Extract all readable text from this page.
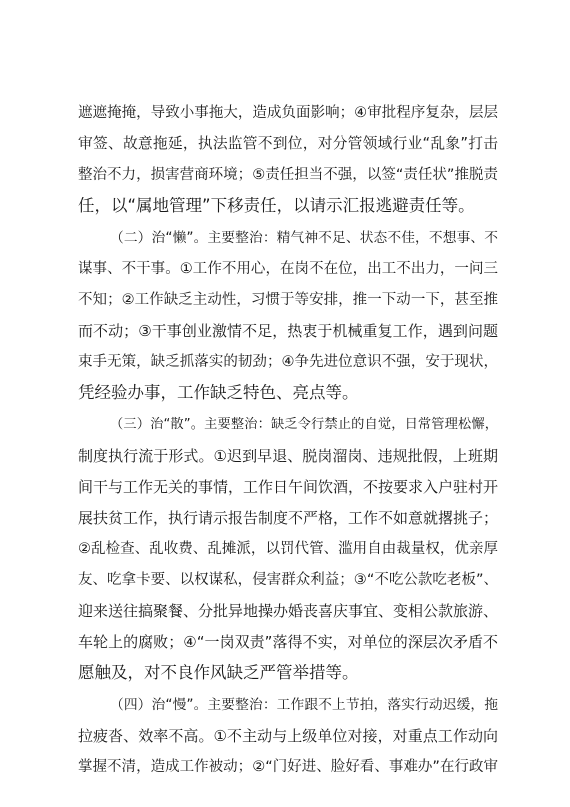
遮遮掩掩，导致小事拖大，造成负面影响；④审批程序复杂，层层
审签、故意拖延，执法监管不到位，对分管领域行业“乱象”打击
整治不力，损害营商环境；⑤责任担当不强，以签“责任状”推脱责
任，以“属地管理”下移责任，以请示汇报逃避责任等。
（二）治“懒”。主要整治：精气神不足、状态不佳，不想事、不
谋事、不干事。①工作不用心，在岗不在位，出工不出力，一问三
不知；②工作缺乏主动性，习惯于等安排，推一下动一下，甚至推
而不动；③干事创业激情不足，热衷于机械重复工作，遇到问题
束手无策，缺乏抓落实的韧劲；④争先进位意识不强，安于现状，
凭经验办事，工作缺乏特色、亮点等。
（三）治“散”。主要整治：缺乏令行禁止的自觉，日常管理松懈，
制度执行流于形式。①迟到早退、脱岗溜岗、违规批假，上班期
间干与工作无关的事情，工作日午间饮酒，不按要求入户驻村开
展扶贫工作，执行请示报告制度不严格，工作不如意就撂挑子；
②乱检查、乱收费、乱摊派，以罚代管、滥用自由裁量权，优亲厚
友、吃拿卡要、以权谋私，侵害群众利益；③“不吃公款吃老板”、
迎来送往搞聚餐、分批异地操办婚丧喜庆事宜、变相公款旅游、
车轮上的腐败；④“一岗双责”落得不实，对单位的深层次矛盾不
愿触及，对不良作风缺乏严管举措等。
（四）治“慢”。主要整治：工作跟不上节拍，落实行动迟缓，拖
拉疲沓、效率不高。①不主动与上级单位对接，对重点工作动向
掌握不清，造成工作被动；②“门好进、脸好看、事难办”在行政审
